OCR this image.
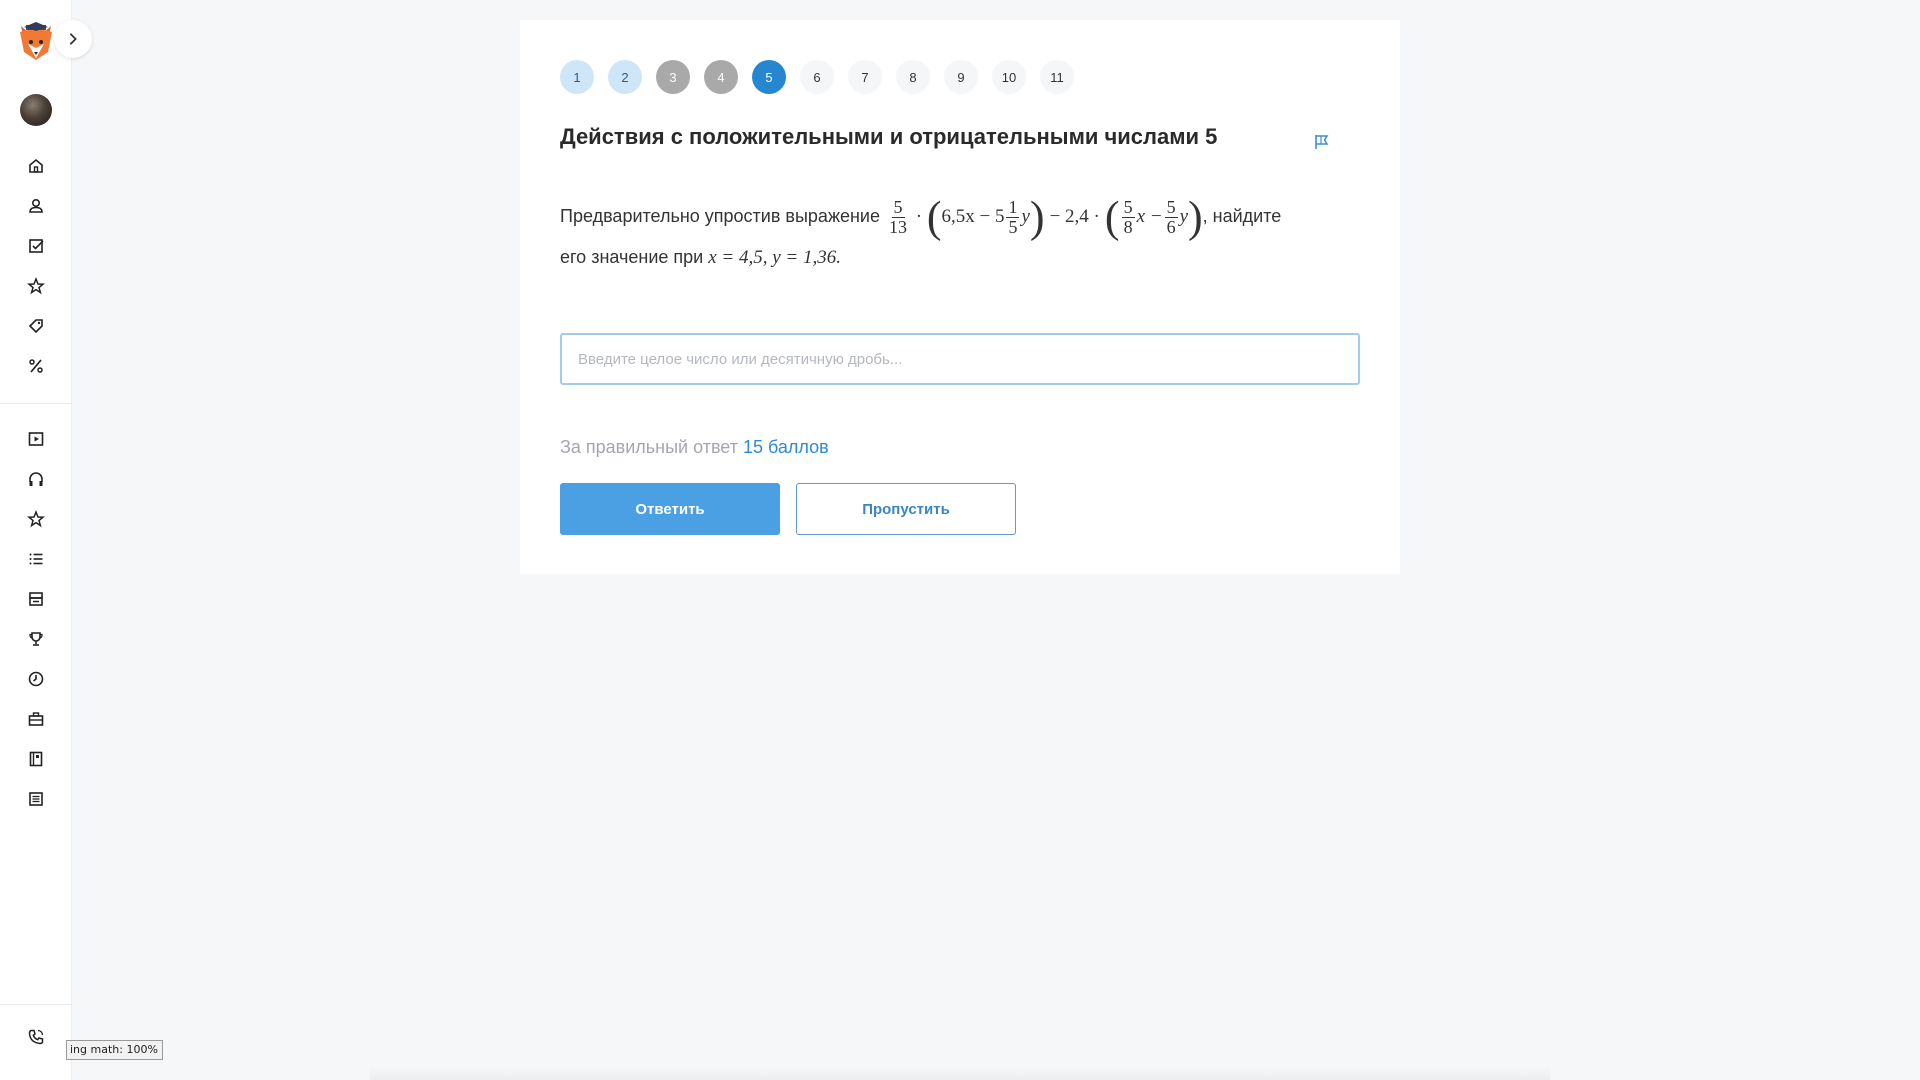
1	2	3	4	5	6	7	8	9	10	11
Действия с положительными и отрицательными числами 5
Предварительно упростив выражение $\frac{5}{13} \cdot (6,5x - 5 \frac{1}{5} y) - 2,4$ · ( $\frac{5}{8}$ $x - \frac{5}{6} y$), найдите
его значение при x = 4,5, y = 1,36.
Введите целое число или десятичную дробь...
За правильный ответ 15 баллов
Ответить	Пропустить
ing math: 100%
